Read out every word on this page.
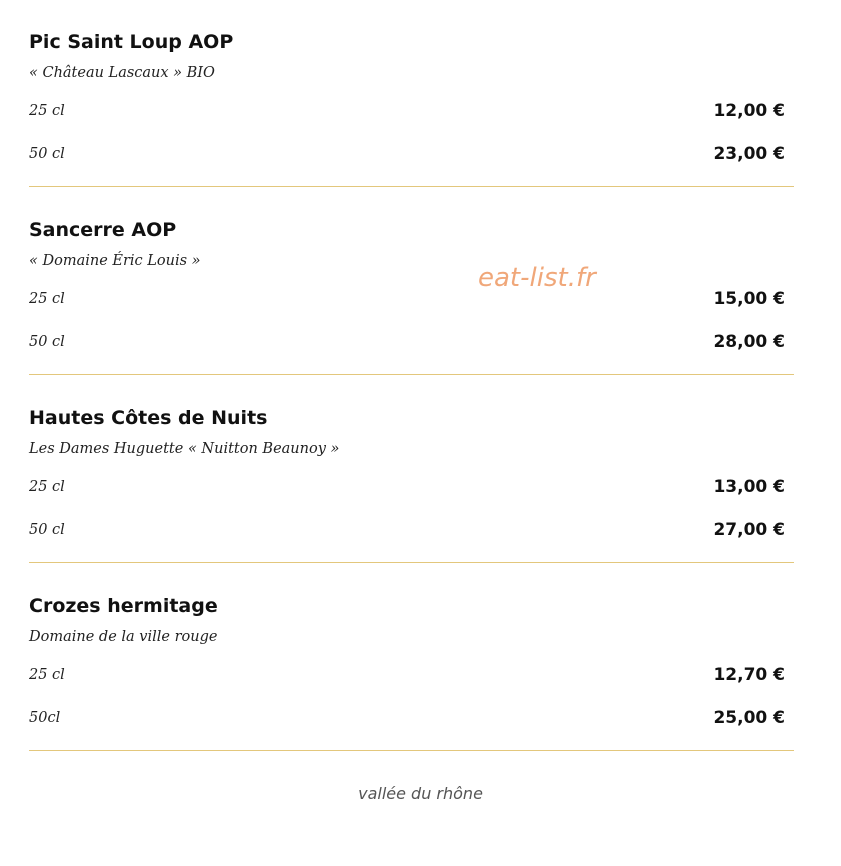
Pic Saint Loup AOP
« Château Lascaux » BIO
25 cl	12,00 €
50 cl	23,00 €
Sancerre AOP
« Domaine Éric Louis »
25 cl	15,00 €
50 cl	28,00 €
Hautes Côtes de Nuits
Les Dames Huguette « Nuitton Beaunoy »
25 cl	13,00 €
50 cl	27,00 €
Crozes hermitage
Domaine de la ville rouge
25 cl	12,70 €
50cl	25,00 €
eat-list.fr
vallée du rhône
